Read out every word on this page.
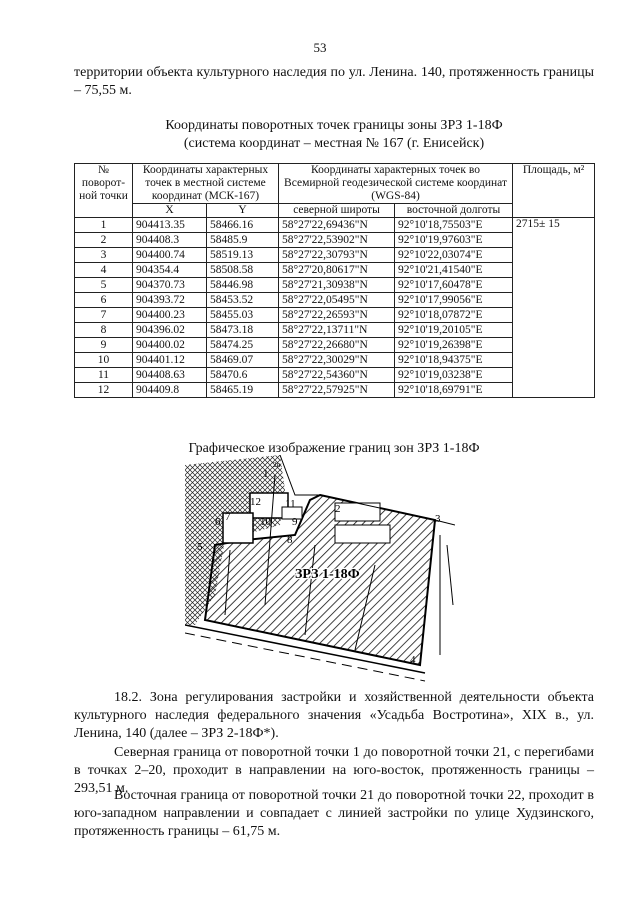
53

территории объекта культурного наследия по ул. Ленина. 140, протяженность границы – 75,55 м.

Координаты поворотных точек границы зоны ЗРЗ 1-18Ф
(система координат – местная № 167 (г. Енисейск)
№ поворот-ной точки	Координаты характерных точек в местной системе координат (МСК-167)		Координаты характерных точек во Всемирной геодезической системе координат (WGS-84)		Площадь, м²
	X	Y	северной широты	восточной долготы	
1	904413.35	58466.16	58°27'22,69436"N	92°10'18,75503"E	2715± 15
2	904408.3	58485.9	58°27'22,53902"N	92°10'19,97603"E	
3	904400.74	58519.13	58°27'22,30793"N	92°10'22,03074"E	
4	904354.4	58508.58	58°27'20,80617"N	92°10'21,41540"E	
5	904370.73	58446.98	58°27'21,30938"N	92°10'17,60478"E	
6	904393.72	58453.52	58°27'22,05495"N	92°10'17,99056"E	
7	904400.23	58455.03	58°27'22,26593"N	92°10'18,07872"E	
8	904396.02	58473.18	58°27'22,13711"N	92°10'19,20105"E	
9	904400.02	58474.25	58°27'22,26680"N	92°10'19,26398"E	
10	904401.12	58469.07	58°27'22,30029"N	92°10'18,94375"E	
11	904408.63	58470.6	58°27'22,54360"N	92°10'19,03238"E	
12	904409.8	58465.19	58°27'22,57925"N	92°10'18,69791"E	
Графическое изображение границ зон ЗРЗ 1-18Ф
1
2
3
4
5
6 7
8
9
10
11
12
2н
ЗРЗ 1-18Ф

18.2. Зона регулирования застройки и хозяйственной деятельности объекта культурного наследия федерального значения «Усадьба Востротина», XIX в., ул. Ленина, 140 (далее – ЗРЗ 2-18Ф*).

Северная граница от поворотной точки 1 до поворотной точки 21, с перегибами в точках 2–20, проходит в направлении на юго-восток, протяженность границы – 293,51 м.

Восточная граница от поворотной точки 21 до поворотной точки 22, проходит в юго-западном направлении и совпадает с линией застройки по улице Худзинского, протяженность границы – 61,75 м.
